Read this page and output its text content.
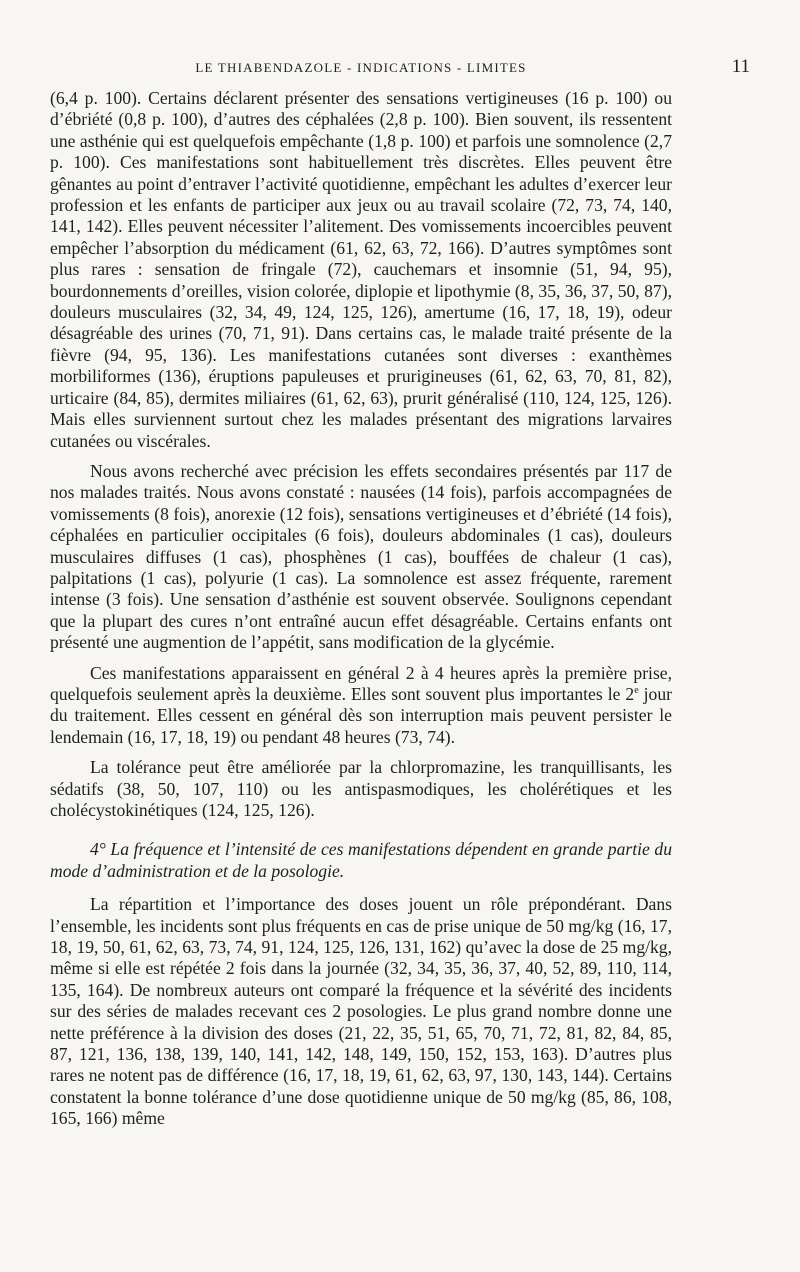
LE THIABENDAZOLE - INDICATIONS - LIMITES	11

(6,4 p. 100). Certains déclarent présenter des sensations vertigineuses (16 p. 100) ou d’ébriété (0,8 p. 100), d’autres des céphalées (2,8 p. 100). Bien souvent, ils ressentent une asthénie qui est quelquefois empêchante (1,8 p. 100) et parfois une somnolence (2,7 p. 100). Ces manifestations sont habituellement très discrètes. Elles peuvent être gênantes au point d’entraver l’activité quotidienne, empêchant les adultes d’exercer leur profession et les enfants de participer aux jeux ou au travail scolaire (72, 73, 74, 140, 141, 142). Elles peuvent nécessiter l’alitement. Des vomissements incoercibles peuvent empêcher l’absorption du médicament (61, 62, 63, 72, 166). D’autres symptômes sont plus rares : sensation de fringale (72), cauchemars et insomnie (51, 94, 95), bourdonnements d’oreilles, vision colorée, diplopie et lipothymie (8, 35, 36, 37, 50, 87), douleurs musculaires (32, 34, 49, 124, 125, 126), amertume (16, 17, 18, 19), odeur désagréable des urines (70, 71, 91). Dans certains cas, le malade traité présente de la fièvre (94, 95, 136). Les manifestations cutanées sont diverses : exanthèmes morbiliformes (136), éruptions papuleuses et prurigineuses (61, 62, 63, 70, 81, 82), urticaire (84, 85), dermites miliaires (61, 62, 63), prurit généralisé (110, 124, 125, 126). Mais elles surviennent surtout chez les malades présentant des migrations larvaires cutanées ou viscérales.

Nous avons recherché avec précision les effets secondaires présentés par 117 de nos malades traités. Nous avons constaté : nausées (14 fois), parfois accompagnées de vomissements (8 fois), anorexie (12 fois), sensations vertigineuses et d’ébriété (14 fois), céphalées en particulier occipitales (6 fois), douleurs abdominales (1 cas), douleurs musculaires diffuses (1 cas), phosphènes (1 cas), bouffées de chaleur (1 cas), palpitations (1 cas), polyurie (1 cas). La somnolence est assez fréquente, rarement intense (3 fois). Une sensation d’asthénie est souvent observée. Soulignons cependant que la plupart des cures n’ont entraîné aucun effet désagréable. Certains enfants ont présenté une augmention de l’appétit, sans modification de la glycémie.

Ces manifestations apparaissent en général 2 à 4 heures après la première prise, quelquefois seulement après la deuxième. Elles sont souvent plus importantes le 2e jour du traitement. Elles cessent en général dès son interruption mais peuvent persister le lendemain (16, 17, 18, 19) ou pendant 48 heures (73, 74).

La tolérance peut être améliorée par la chlorpromazine, les tranquillisants, les sédatifs (38, 50, 107, 110) ou les antispasmodiques, les cholérétiques et les cholécystokinétiques (124, 125, 126).

4° La fréquence et l’intensité de ces manifestations dépendent en grande partie du mode d’administration et de la posologie.

La répartition et l’importance des doses jouent un rôle prépondérant. Dans l’ensemble, les incidents sont plus fréquents en cas de prise unique de 50 mg/kg (16, 17, 18, 19, 50, 61, 62, 63, 73, 74, 91, 124, 125, 126, 131, 162) qu’avec la dose de 25 mg/kg, même si elle est répétée 2 fois dans la journée (32, 34, 35, 36, 37, 40, 52, 89, 110, 114, 135, 164). De nombreux auteurs ont comparé la fréquence et la sévérité des incidents sur des séries de malades recevant ces 2 posologies. Le plus grand nombre donne une nette préférence à la division des doses (21, 22, 35, 51, 65, 70, 71, 72, 81, 82, 84, 85, 87, 121, 136, 138, 139, 140, 141, 142, 148, 149, 150, 152, 153, 163). D’autres plus rares ne notent pas de différence (16, 17, 18, 19, 61, 62, 63, 97, 130, 143, 144). Certains constatent la bonne tolérance d’une dose quotidienne unique de 50 mg/kg (85, 86, 108, 165, 166) même
